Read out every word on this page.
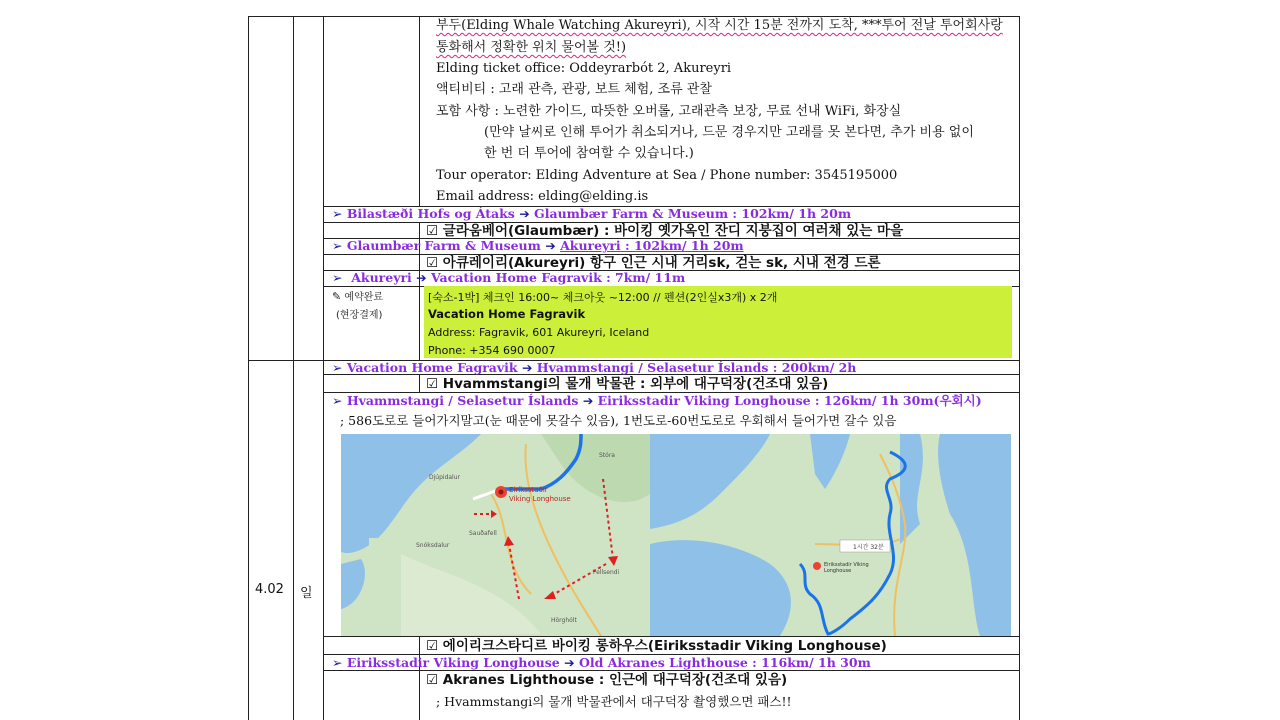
부두(Elding Whale Watching Akureyri), 시작 시간 15분 전까지 도착, ***투어 전날 투어회사랑
통화해서 정확한 위치 물어볼 것!)
Elding ticket office: Oddeyrarbót 2, Akureyri
액티비티 : 고래 관측, 관광, 보트 체험, 조류 관찰
포함 사항 : 노련한 가이드, 따뜻한 오버롤, 고래관측 보장, 무료 선내 WiFi, 화장실
(만약 날씨로 인해 투어가 취소되거나, 드문 경우지만 고래를 못 본다면, 추가 비용 없이
한 번 더 투어에 참여할 수 있습니다.)
Tour operator: Elding Adventure at Sea / Phone number: 3545195000
Email address: elding@elding.is
➢ Bilastæði Hofs og Átaks ➔ Glaumbær Farm & Museum : 102km/ 1h 20m
☑ 글라움베어(Glaumbær) : 바이킹 옛가옥인 잔디 지붕집이 여러채 있는 마을
➢ Glaumbær Farm & Museum ➔ Akureyri : 102km/ 1h 20m
☑ 아큐레이리(Akureyri) 항구 인근 시내 거리sk, 걷는 sk, 시내 전경 드론
➢ Akureyri ➔ Vacation Home Fagravik : 7km/ 11m
✎ 예약완료
(현장결제)
[숙소-1박] 체크인 16:00~ 체크아웃 ~12:00 // 펜션(2인실x3개) x 2개
Vacation Home Fagravik
Address: Fagravik, 601 Akureyri, Iceland
Phone: +354 690 0007
4.02 일
➢ Vacation Home Fagravik ➔ Hvammstangi / Selasetur Íslands : 200km/ 2h
☑ Hvammstangi의 물개 박물관 : 외부에 대구덕장(건조대 있음)
➢ Hvammstangi / Selasetur Íslands ➔ Eiriksstadir Viking Longhouse : 126km/ 1h 30m(우회시)
; 586도로로 들어가지말고(눈 때문에 못갈수 있음), 1번도로-60번도로로 우회해서 들어가면 갈수 있음
Eiríksstaðir
Viking Longhouse
Djúpidalur
Sauðafell
Snóksdalur
Fellsendi
Stóra
Hörghólt
1시간 32분
Eiriksstadir Viking Longhouse
☑ 에이리크스타디르 바이킹 롱하우스(Eiriksstadir Viking Longhouse)
➢ Eiriksstadir Viking Longhouse ➔ Old Akranes Lighthouse : 116km/ 1h 30m
☑ Akranes Lighthouse : 인근에 대구덕장(건조대 있음)
; Hvammstangi의 물개 박물관에서 대구덕장 촬영했으면 패스!!
